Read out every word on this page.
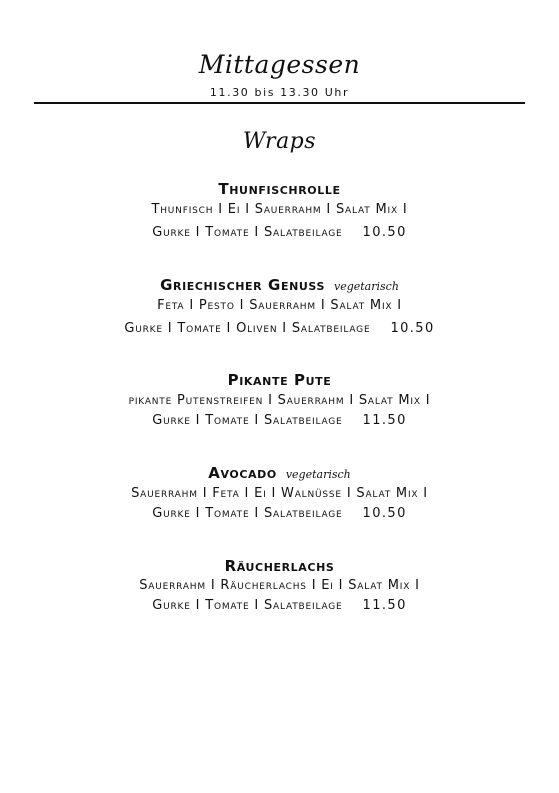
Mittagessen
11.30 bis 13.30 Uhr
Wraps
Thunfischrolle
Thunfisch I Ei I Sauerrahm I Salat Mix I
Gurke I Tomate I Salatbeilage 10.50
Griechischer Genuss vegetarisch
Feta I Pesto I Sauerrahm I Salat Mix I
Gurke I Tomate I Oliven I Salatbeilage 10.50
Pikante Pute
pikante Putenstreifen I Sauerrahm I Salat Mix I
Gurke I Tomate I Salatbeilage 11.50
Avocado vegetarisch
Sauerrahm I Feta I Ei I Walnüsse I Salat Mix I
Gurke I Tomate I Salatbeilage 10.50
Räucherlachs
Sauerrahm I Räucherlachs I Ei I Salat Mix I
Gurke I Tomate I Salatbeilage 11.50
